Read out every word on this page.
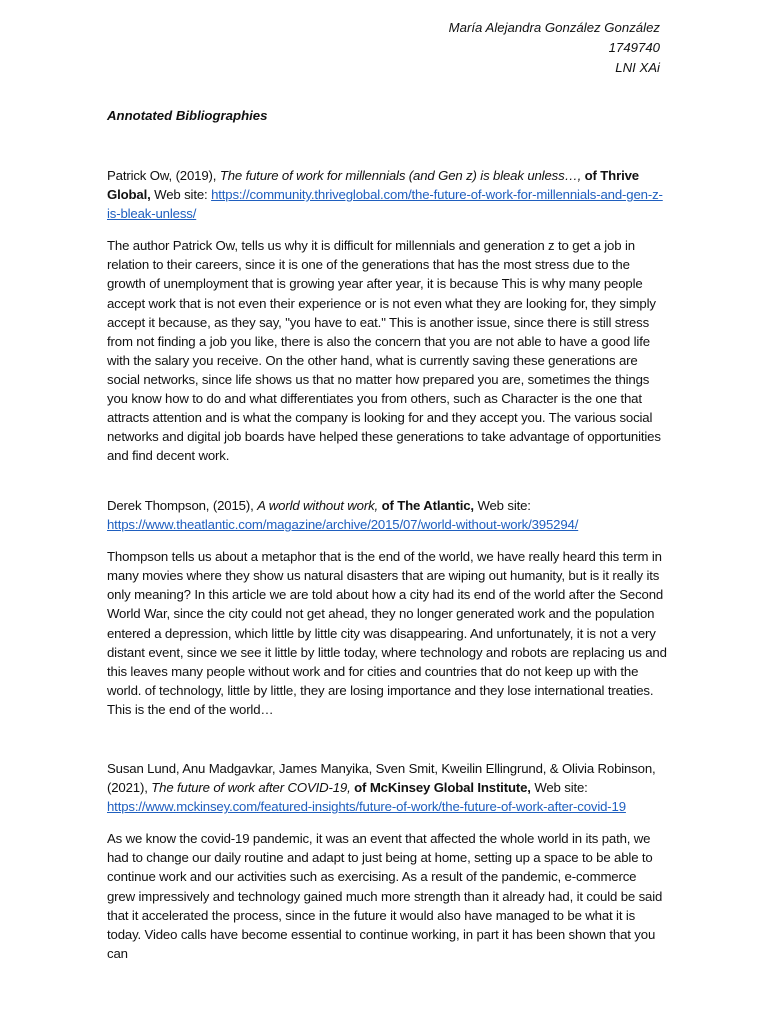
María Alejandra González González
1749740
LNI XAi
Annotated Bibliographies

Patrick Ow, (2019), The future of work for millennials (and Gen z) is bleak unless…, of Thrive Global, Web site: https://community.thriveglobal.com/the-future-of-work-for-millennials-and-gen-z-is-bleak-unless/

The author Patrick Ow, tells us why it is difficult for millennials and generation z to get a job in relation to their careers, since it is one of the generations that has the most stress due to the growth of unemployment that is growing year after year, it is because This is why many people accept work that is not even their experience or is not even what they are looking for, they simply accept it because, as they say, "you have to eat." This is another issue, since there is still stress from not finding a job you like, there is also the concern that you are not able to have a good life with the salary you receive. On the other hand, what is currently saving these generations are social networks, since life shows us that no matter how prepared you are, sometimes the things you know how to do and what differentiates you from others, such as Character is the one that attracts attention and is what the company is looking for and they accept you. The various social networks and digital job boards have helped these generations to take advantage of opportunities and find decent work.

Derek Thompson, (2015), A world without work, of The Atlantic, Web site: https://www.theatlantic.com/magazine/archive/2015/07/world-without-work/395294/

Thompson tells us about a metaphor that is the end of the world, we have really heard this term in many movies where they show us natural disasters that are wiping out humanity, but is it really its only meaning? In this article we are told about how a city had its end of the world after the Second World War, since the city could not get ahead, they no longer generated work and the population entered a depression, which little by little city was disappearing. And unfortunately, it is not a very distant event, since we see it little by little today, where technology and robots are replacing us and this leaves many people without work and for cities and countries that do not keep up with the world. of technology, little by little, they are losing importance and they lose international treaties. This is the end of the world…

Susan Lund, Anu Madgavkar, James Manyika, Sven Smit, Kweilin Ellingrund, & Olivia Robinson, (2021), The future of work after COVID-19, of McKinsey Global Institute, Web site: https://www.mckinsey.com/featured-insights/future-of-work/the-future-of-work-after-covid-19

As we know the covid-19 pandemic, it was an event that affected the whole world in its path, we had to change our daily routine and adapt to just being at home, setting up a space to be able to continue work and our activities such as exercising. As a result of the pandemic, e-commerce grew impressively and technology gained much more strength than it already had, it could be said that it accelerated the process, since in the future it would also have managed to be what it is today. Video calls have become essential to continue working, in part it has been shown that you can
